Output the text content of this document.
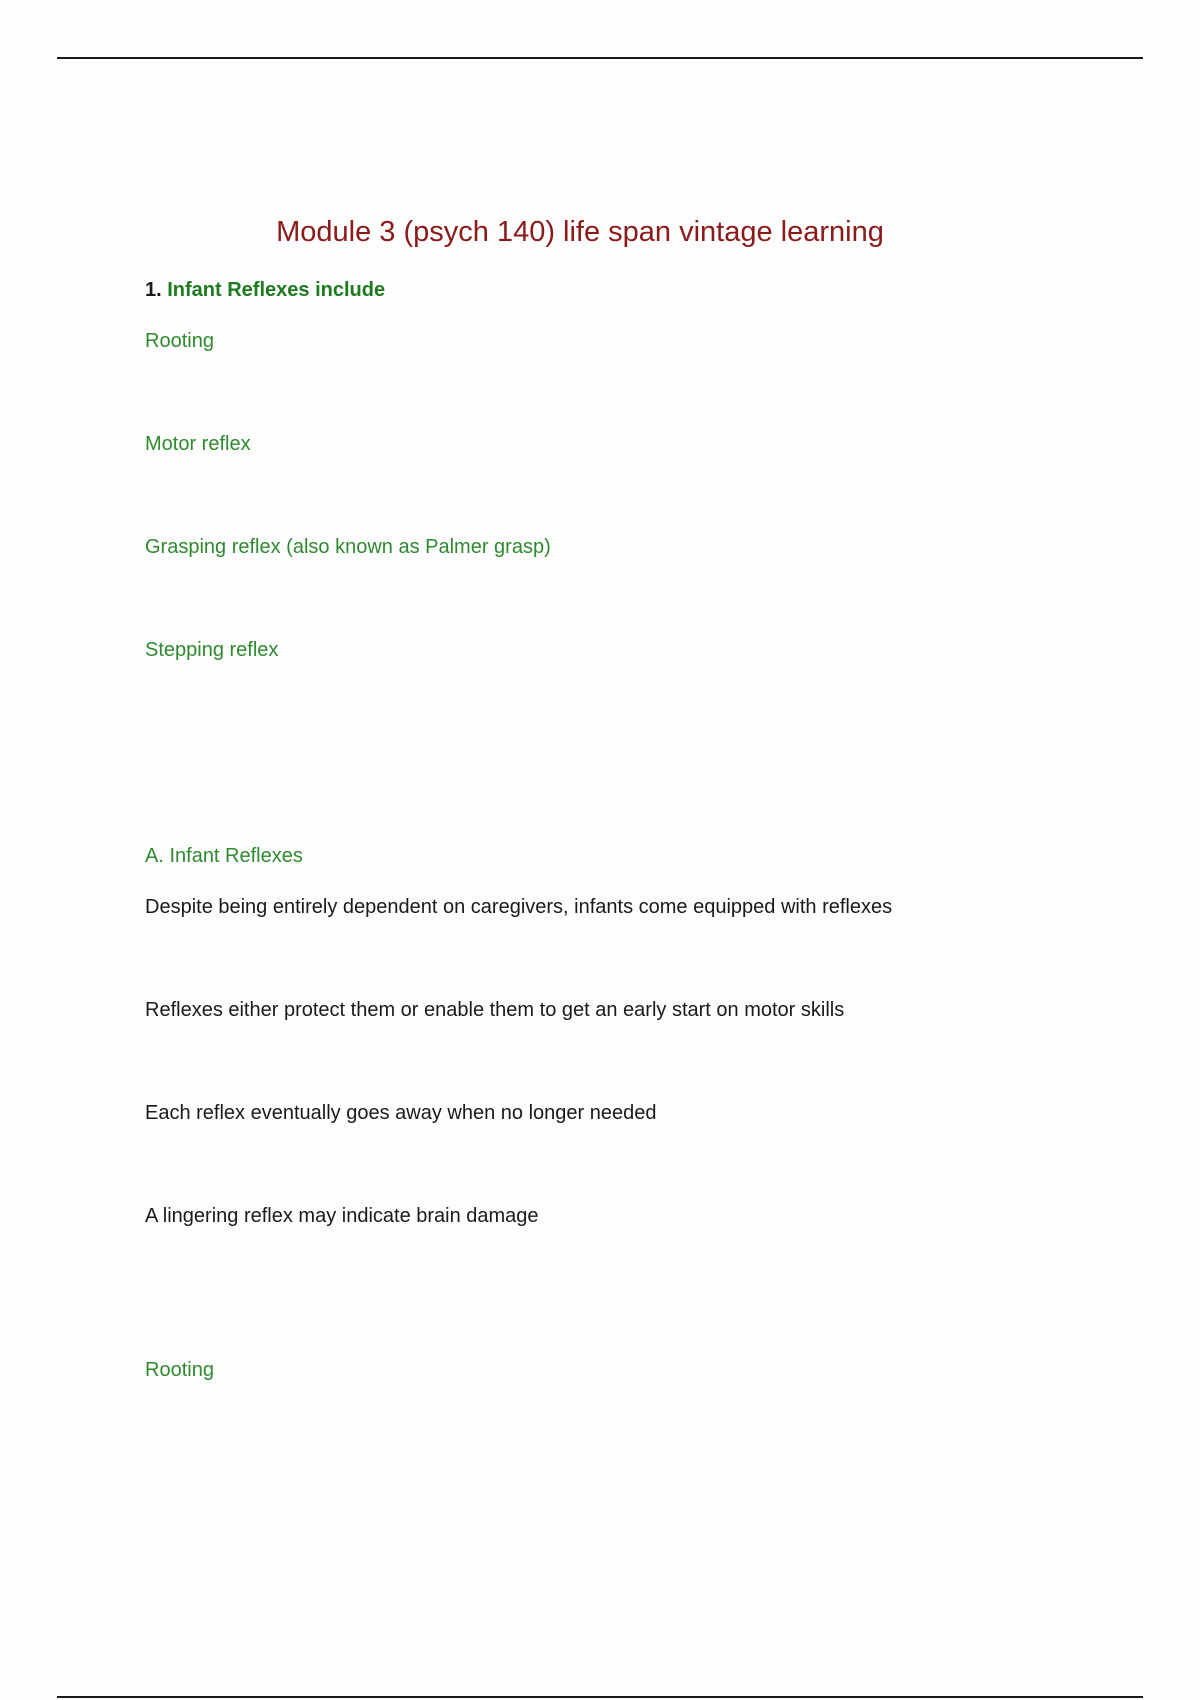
Module 3 (psych 140) life span vintage learning
1. Infant Reflexes include
Rooting
Motor reflex
Grasping reflex (also known as Palmer grasp)
Stepping reflex
A. Infant Reflexes
Despite being entirely dependent on caregivers, infants come equipped with reflexes
Reflexes either protect them or enable them to get an early start on motor skills
Each reflex eventually goes away when no longer needed
A lingering reflex may indicate brain damage
Rooting
